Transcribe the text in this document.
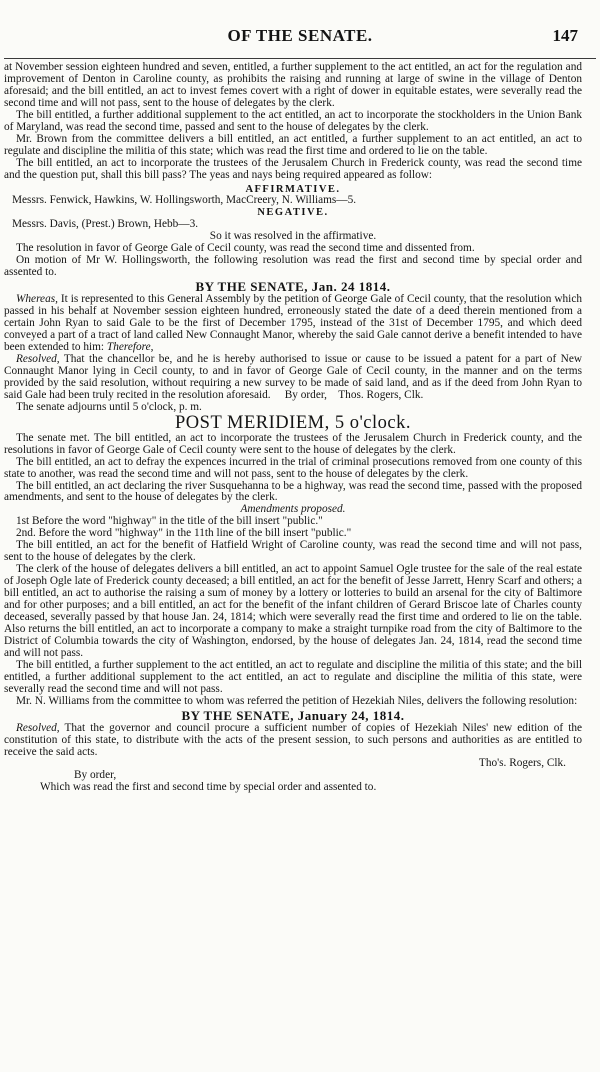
OF THE SENATE.	147

at November session eighteen hundred and seven, entitled, a further supplement to the act entitled, an act for the regulation and improvement of Denton in Caroline county, as prohibits the raising and running at large of swine in the village of Denton aforesaid; and the bill entitled, an act to invest femes covert with a right of dower in equitable estates, were severally read the second time and will not pass, sent to the house of delegates by the clerk.

The bill entitled, a further additional supplement to the act entitled, an act to incorporate the stockholders in the Union Bank of Maryland, was read the second time, passed and sent to the house of delegates by the clerk.

Mr. Brown from the committee delivers a bill entitled, an act entitled, a further supplement to an act entitled, an act to regulate and discipline the militia of this state; which was read the first time and ordered to lie on the table.

The bill entitled, an act to incorporate the trustees of the Jerusalem Church in Frederick county, was read the second time and the question put, shall this bill pass? The yeas and nays being required appeared as follow:

AFFIRMATIVE.

Messrs. Fenwick, Hawkins, W. Hollingsworth, MacCreery, N. Williams—5.

NEGATIVE.

Messrs. Davis, (Prest.) Brown, Hebb—3.

So it was resolved in the affirmative.

The resolution in favor of George Gale of Cecil county, was read the second time and dissented from.

On motion of Mr W. Hollingsworth, the following resolution was read the first and second time by special order and assented to.

BY THE SENATE, Jan. 24 1814.

Whereas, It is represented to this General Assembly by the petition of George Gale of Cecil county, that the resolution which passed in his behalf at November session eighteen hundred, erroneously stated the date of a deed therein mentioned from a certain John Ryan to said Gale to be the first of December 1795, instead of the 31st of December 1795, and which deed conveyed a part of a tract of land called New Connaught Manor, whereby the said Gale cannot derive a benefit intended to have been extended to him: Therefore,

Resolved, That the chancellor be, and he is hereby authorised to issue or cause to be issued a patent for a part of New Connaught Manor lying in Cecil county, to and in favor of George Gale of Cecil county, in the manner and on the terms provided by the said resolution, without requiring a new survey to be made of said land, and as if the deed from John Ryan to said Gale had been truly recited in the resolution aforesaid. By order, Thos. Rogers, Clk.

The senate adjourns until 5 o'clock, p. m.

POST MERIDIEM, 5 o'clock.

The senate met. The bill entitled, an act to incorporate the trustees of the Jerusalem Church in Frederick county, and the resolutions in favor of George Gale of Cecil county were sent to the house of delegates by the clerk.

The bill entitled, an act to defray the expences incurred in the trial of criminal prosecutions removed from one county of this state to another, was read the second time and will not pass, sent to the house of delegates by the clerk.

The bill entitled, an act declaring the river Susquehanna to be a highway, was read the second time, passed with the proposed amendments, and sent to the house of delegates by the clerk.

Amendments proposed.

1st Before the word "highway" in the title of the bill insert "public."

2nd. Before the word "highway" in the 11th line of the bill insert "public."

The bill entitled, an act for the benefit of Hatfield Wright of Caroline county, was read the second time and will not pass, sent to the house of delegates by the clerk.

The clerk of the house of delegates delivers a bill entitled, an act to appoint Samuel Ogle trustee for the sale of the real estate of Joseph Ogle late of Frederick county deceased; a bill entitled, an act for the benefit of Jesse Jarrett, Henry Scarf and others; a bill entitled, an act to authorise the raising a sum of money by a lottery or lotteries to build an arsenal for the city of Baltimore and for other purposes; and a bill entitled, an act for the benefit of the infant children of Gerard Briscoe late of Charles county deceased, severally passed by that house Jan. 24, 1814; which were severally read the first time and ordered to lie on the table. Also returns the bill entitled, an act to incorporate a company to make a straight turnpike road from the city of Baltimore to the District of Columbia towards the city of Washington, endorsed, by the house of delegates Jan. 24, 1814, read the second time and will not pass.

The bill entitled, a further supplement to the act entitled, an act to regulate and discipline the militia of this state; and the bill entitled, a further additional supplement to the act entitled, an act to regulate and discipline the militia of this state, were severally read the second time and will not pass.

Mr. N. Williams from the committee to whom was referred the petition of Hezekiah Niles, delivers the following resolution:

BY THE SENATE, January 24, 1814.

Resolved, That the governor and council procure a sufficient number of copies of Hezekiah Niles' new edition of the constitution of this state, to distribute with the acts of the present session, to such persons and authorities as are entitled to receive the said acts.

Tho's. Rogers, Clk.

By order,

Which was read the first and second time by special order and assented to.
